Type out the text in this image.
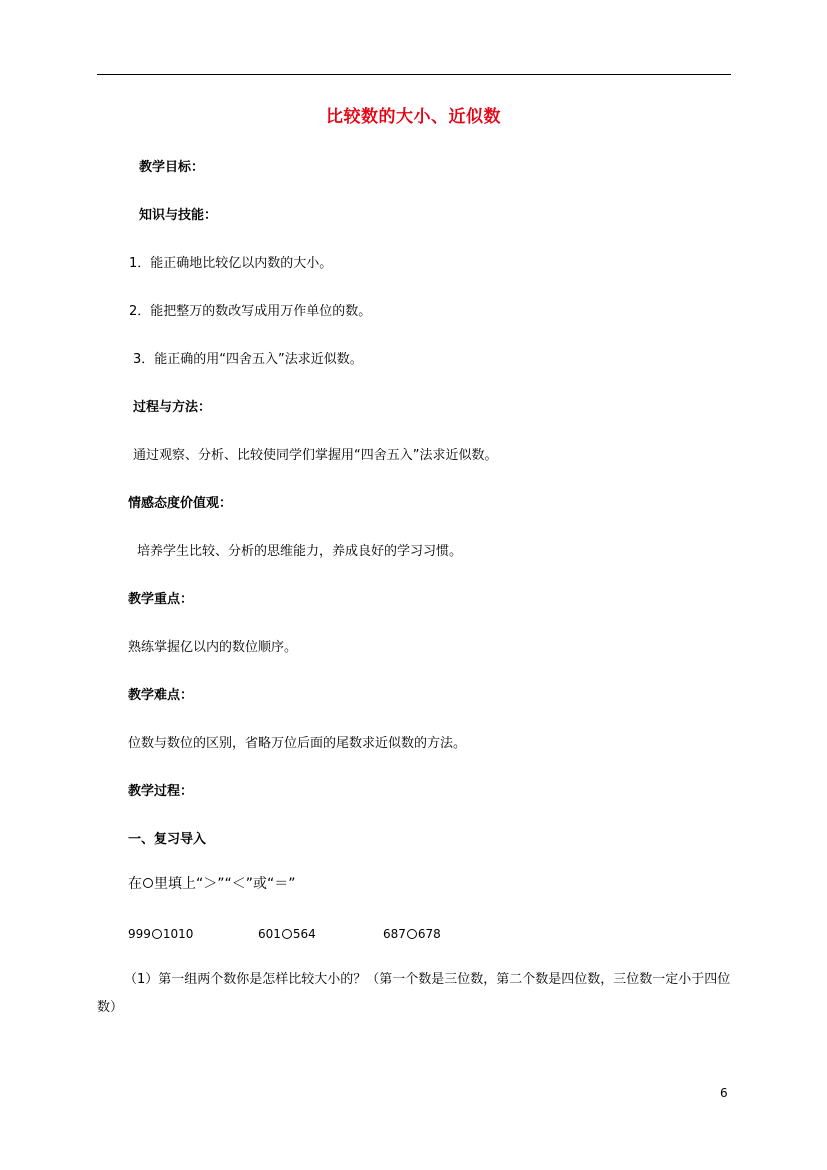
比较数的大小、近似数
教学目标：
知识与技能：
1．能正确地比较亿以内数的大小。
2．能把整万的数改写成用万作单位的数。
3．能正确的用“四舍五入”法求近似数。
过程与方法：
通过观察、分析、比较使同学们掌握用“四舍五入”法求近似数。
情感态度价值观：
培养学生比较、分析的思维能力，养成良好的学习习惯。
教学重点：
熟练掌握亿以内的数位顺序。
教学难点：
位数与数位的区别，省略万位后面的尾数求近似数的方法。
教学过程：
一、复习导入
在 里填上“＞”“＜”或“＝”
999 1010	601 564	687 678
（1）第一组两个数你是怎样比较大小的？（第一个数是三位数，第二个数是四位数，三位数一定小于四位数）
6
